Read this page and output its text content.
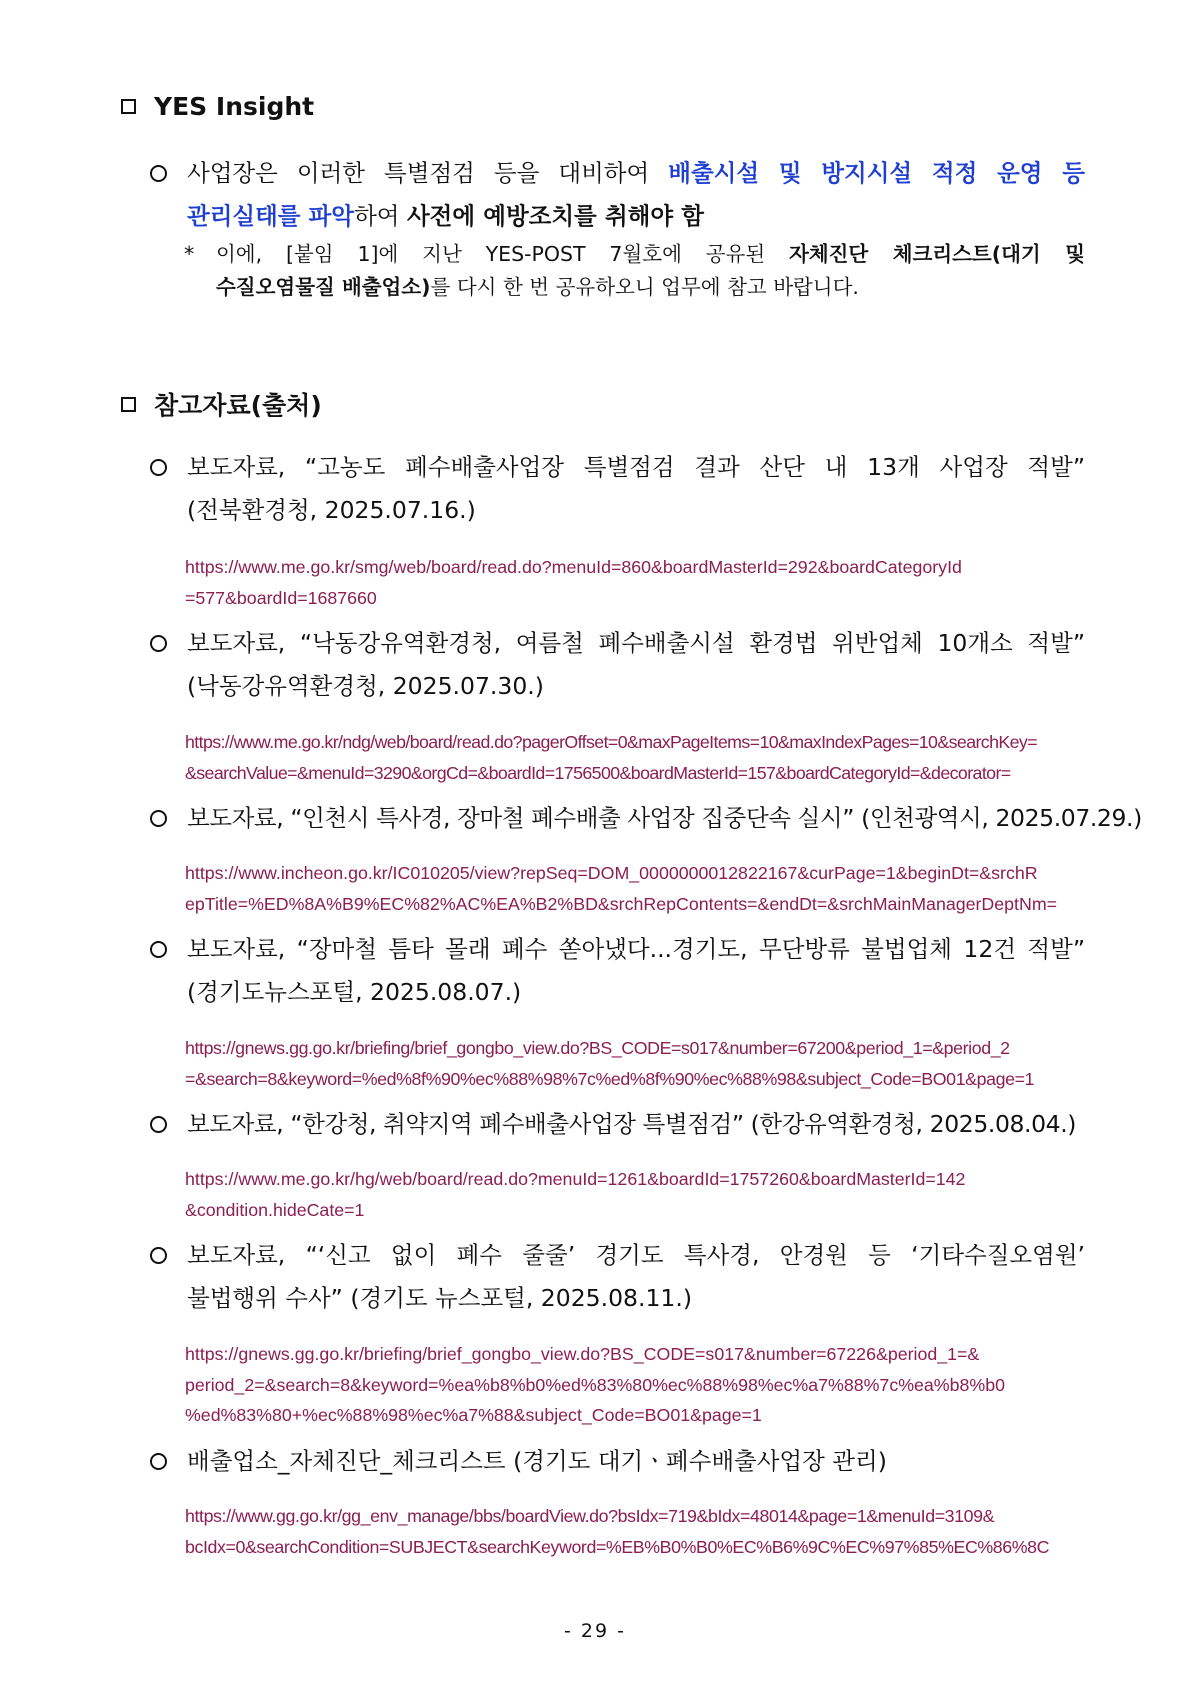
YES Insight
사업장은 이러한 특별점검 등을 대비하여 배출시설 및 방지시설 적정 운영 등
관리실태를 파악하여 사전에 예방조치를 취해야 함
*	이에, [붙임 1]에 지난 YES-POST 7월호에 공유된 자체진단 체크리스트(대기 및
수질오염물질 배출업소)를 다시 한 번 공유하오니 업무에 참고 바랍니다.
참고자료(출처)
보도자료, “고농도 폐수배출사업장 특별점검 결과 산단 내 13개 사업장 적발”
(전북환경청, 2025.07.16.)
https://www.me.go.kr/smg/web/board/read.do?menuId=860&boardMasterId=292&boardCategoryId
=577&boardId=1687660
보도자료, “낙동강유역환경청, 여름철 폐수배출시설 환경법 위반업체 10개소 적발”
(낙동강유역환경청, 2025.07.30.)
https://www.me.go.kr/ndg/web/board/read.do?pagerOffset=0&maxPageItems=10&maxIndexPages=10&searchKey=
&searchValue=&menuId=3290&orgCd=&boardId=1756500&boardMasterId=157&boardCategoryId=&decorator=
보도자료, “인천시 특사경, 장마철 폐수배출 사업장 집중단속 실시” (인천광역시, 2025.07.29.)
https://www.incheon.go.kr/IC010205/view?repSeq=DOM_0000000012822167&curPage=1&beginDt=&srchR
epTitle=%ED%8A%B9%EC%82%AC%EA%B2%BD&srchRepContents=&endDt=&srchMainManagerDeptNm=
보도자료, “장마철 틈타 몰래 폐수 쏟아냈다...경기도, 무단방류 불법업체 12건 적발”
(경기도뉴스포털, 2025.08.07.)
https://gnews.gg.go.kr/briefing/brief_gongbo_view.do?BS_CODE=s017&number=67200&period_1=&period_2
=&search=8&keyword=%ed%8f%90%ec%88%98%7c%ed%8f%90%ec%88%98&subject_Code=BO01&page=1
보도자료, “한강청, 취약지역 폐수배출사업장 특별점검” (한강유역환경청, 2025.08.04.)
https://www.me.go.kr/hg/web/board/read.do?menuId=1261&boardId=1757260&boardMasterId=142
&condition.hideCate=1
보도자료, “‘신고 없이 폐수 줄줄’ 경기도 특사경, 안경원 등 ‘기타수질오염원’
불법행위 수사” (경기도 뉴스포털, 2025.08.11.)
https://gnews.gg.go.kr/briefing/brief_gongbo_view.do?BS_CODE=s017&number=67226&period_1=&
period_2=&search=8&keyword=%ea%b8%b0%ed%83%80%ec%88%98%ec%a7%88%7c%ea%b8%b0
%ed%83%80+%ec%88%98%ec%a7%88&subject_Code=BO01&page=1
배출업소_자체진단_체크리스트 (경기도 대기ㆍ폐수배출사업장 관리)
https://www.gg.go.kr/gg_env_manage/bbs/boardView.do?bsIdx=719&bIdx=48014&page=1&menuId=3109&
bcIdx=0&searchCondition=SUBJECT&searchKeyword=%EB%B0%B0%EC%B6%9C%EC%97%85%EC%86%8C
- 29 -
